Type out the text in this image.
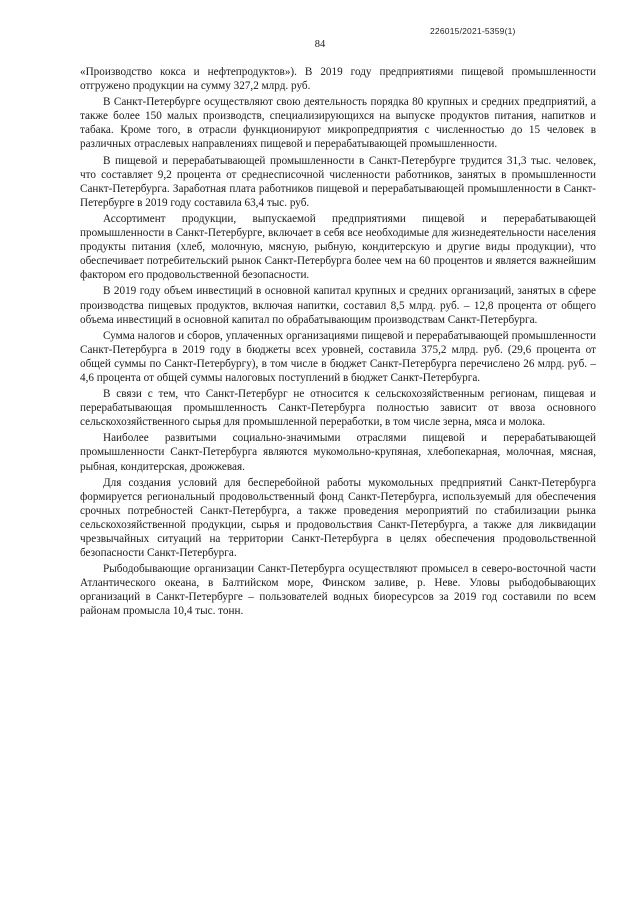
226015/2021-5359(1)
84

«Производство кокса и нефтепродуктов»). В 2019 году предприятиями пищевой промышленности отгружено продукции на сумму 327,2 млрд. руб.

В Санкт-Петербурге осуществляют свою деятельность порядка 80 крупных и средних предприятий, а также более 150 малых производств, специализирующихся на выпуске продуктов питания, напитков и табака. Кроме того, в отрасли функционируют микропредприятия с численностью до 15 человек в различных отраслевых направлениях пищевой и перерабатывающей промышленности.

В пищевой и перерабатывающей промышленности в Санкт-Петербурге трудится 31,3 тыс. человек, что составляет 9,2 процента от среднесписочной численности работников, занятых в промышленности Санкт-Петербурга. Заработная плата работников пищевой и перерабатывающей промышленности в Санкт-Петербурге в 2019 году составила 63,4 тыс. руб.

Ассортимент продукции, выпускаемой предприятиями пищевой и перерабатывающей промышленности в Санкт-Петербурге, включает в себя все необходимые для жизнедеятельности населения продукты питания (хлеб, молочную, мясную, рыбную, кондитерскую и другие виды продукции), что обеспечивает потребительский рынок Санкт-Петербурга более чем на 60 процентов и является важнейшим фактором его продовольственной безопасности.

В 2019 году объем инвестиций в основной капитал крупных и средних организаций, занятых в сфере производства пищевых продуктов, включая напитки, составил 8,5 млрд. руб. – 12,8 процента от общего объема инвестиций в основной капитал по обрабатывающим производствам Санкт-Петербурга.

Сумма налогов и сборов, уплаченных организациями пищевой и перерабатывающей промышленности Санкт-Петербурга в 2019 году в бюджеты всех уровней, составила 375,2 млрд. руб. (29,6 процента от общей суммы по Санкт-Петербургу), в том числе в бюджет Санкт-Петербурга перечислено 26 млрд. руб. – 4,6 процента от общей суммы налоговых поступлений в бюджет Санкт-Петербурга.

В связи с тем, что Санкт-Петербург не относится к сельскохозяйственным регионам, пищевая и перерабатывающая промышленность Санкт-Петербурга полностью зависит от ввоза основного сельскохозяйственного сырья для промышленной переработки, в том числе зерна, мяса и молока.

Наиболее развитыми социально-значимыми отраслями пищевой и перерабатывающей промышленности Санкт-Петербурга являются мукомольно-крупяная, хлебопекарная, молочная, мясная, рыбная, кондитерская, дрожжевая.

Для создания условий для бесперебойной работы мукомольных предприятий Санкт-Петербурга формируется региональный продовольственный фонд Санкт-Петербурга, используемый для обеспечения срочных потребностей Санкт-Петербурга, а также проведения мероприятий по стабилизации рынка сельскохозяйственной продукции, сырья и продовольствия Санкт-Петербурга, а также для ликвидации чрезвычайных ситуаций на территории Санкт-Петербурга в целях обеспечения продовольственной безопасности Санкт-Петербурга.

Рыбодобывающие организации Санкт-Петербурга осуществляют промысел в северо-восточной части Атлантического океана, в Балтийском море, Финском заливе, р. Неве. Уловы рыбодобывающих организаций в Санкт-Петербурге – пользователей водных биоресурсов за 2019 год составили по всем районам промысла 10,4 тыс. тонн.
